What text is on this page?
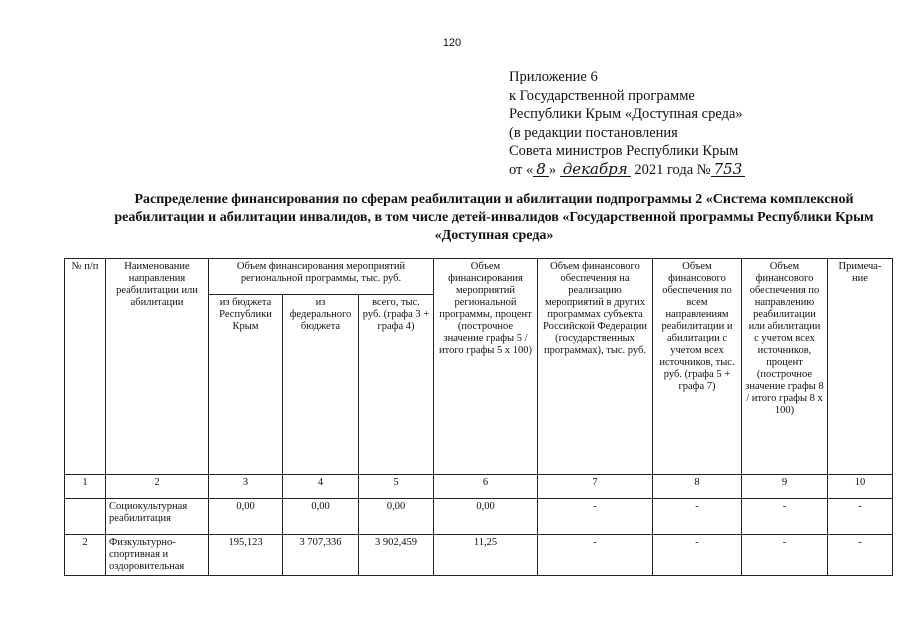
120
Приложение 6
к Государственной программе
Республики Крым «Доступная среда»
(в редакции постановления
Совета министров Республики Крым
от « 8 » декабря 2021 года № 753
Распределение финансирования по сферам реабилитации и абилитации подпрограммы 2 «Система комплексной реабилитации и абилитации инвалидов, в том числе детей-инвалидов «Государственной программы Республики Крым «Доступная среда»
№ п/п	Наименование направления реабилитации или абилитации	Объем финансирования мероприятий региональной программы, тыс. руб.			Объем финансирования мероприятий региональной программы, процент (построчное значение графы 5 / итого графы 5 х 100)	Объем финансового обеспечения на реализацию мероприятий в других программах субъекта Российской Федерации (государственных программах), тыс. руб.	Объем финансового обеспечения по всем направлениям реабилитации и абилитации с учетом всех источников, тыс. руб. (графа 5 + графа 7)	Объем финансового обеспечения по направлению реабилитации или абилитации с учетом всех источников, процент (построчное значение графы 8 / итого графы 8 х 100)	Примеча-ние
		из бюджета Республики Крым	из федерального бюджета	всего, тыс. руб. (графа 3 + графа 4)					
1	2	3	4	5	6	7	8	9	10
	Социокультурная реабилитация	0,00	0,00	0,00	0,00	-	-	-	-
2	Физкультурно-спортивная и оздоровительная	195,123	3 707,336	3 902,459	11,25	-	-	-	-
